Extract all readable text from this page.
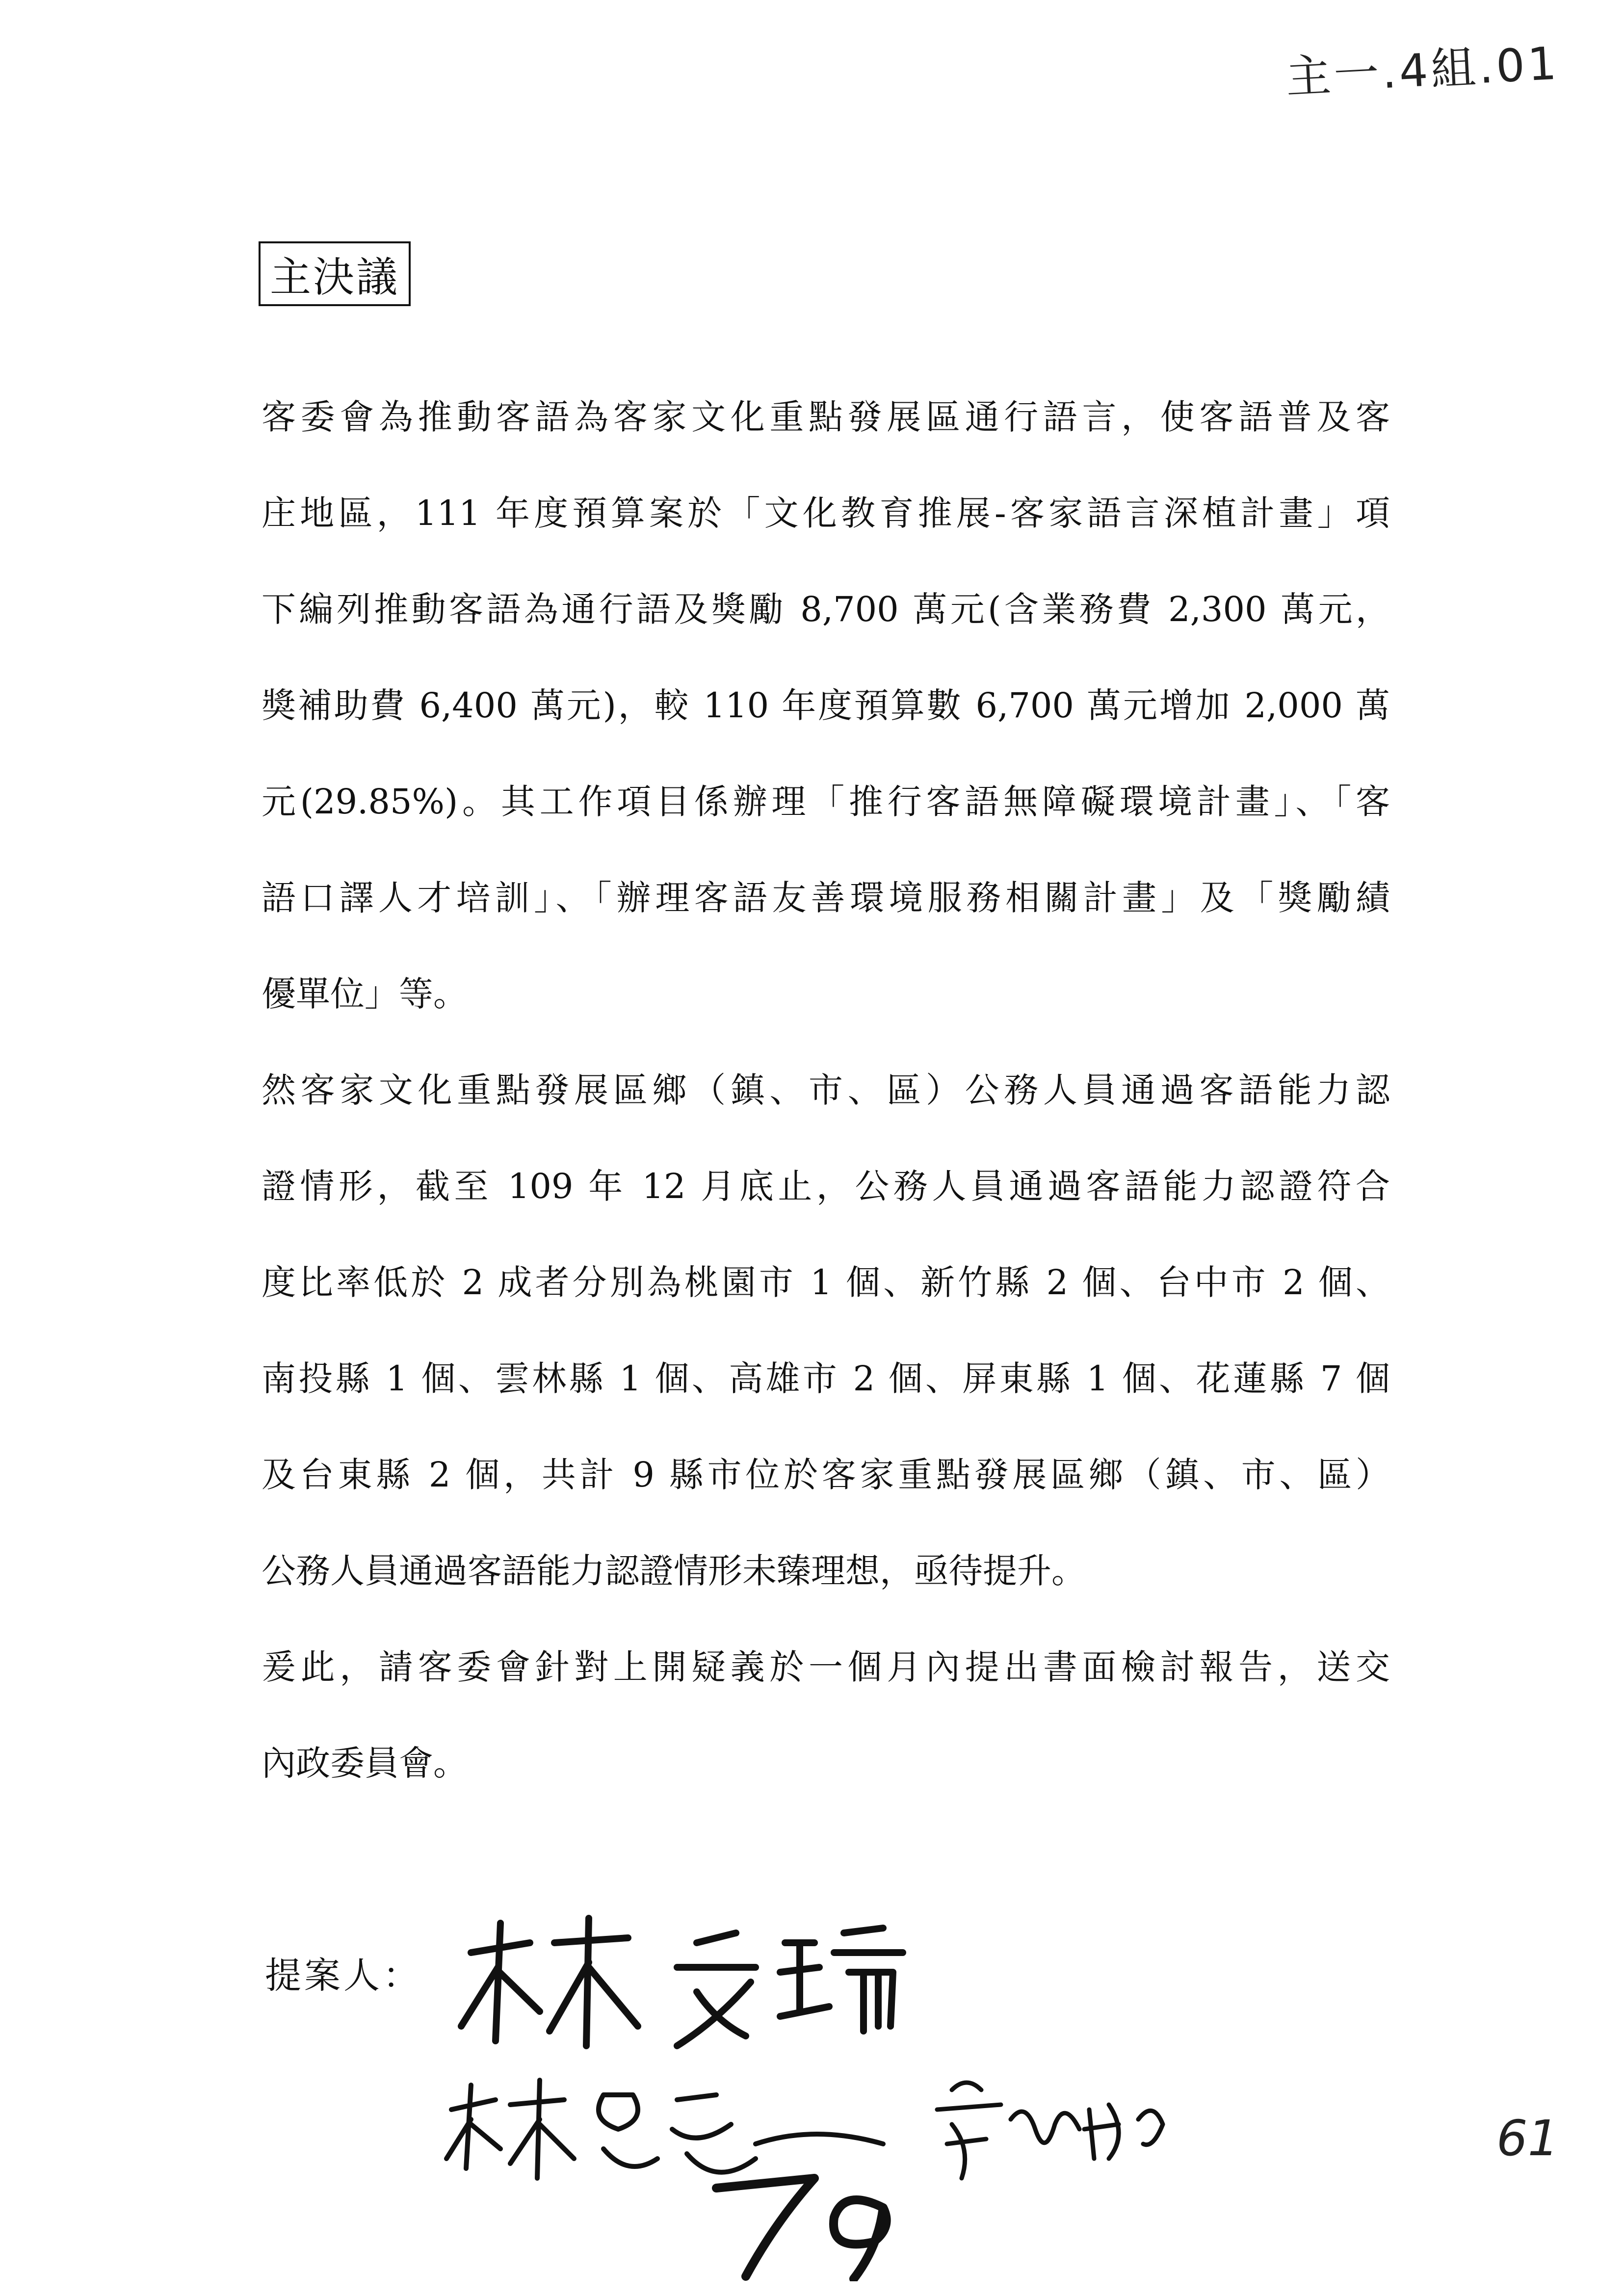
主一.4組.01
主決議
客委會為推動客語為客家文化重點發展區通行語言，使客語普及客
庄地區，111 年度預算案於「文化教育推展-客家語言深植計畫」項
下編列推動客語為通行語及獎勵 8,700 萬元(含業務費 2,300 萬元，
獎補助費 6,400 萬元)，較 110 年度預算數 6,700 萬元增加 2,000 萬
元(29.85%)。其工作項目係辦理「推行客語無障礙環境計畫」、「客
語口譯人才培訓」、「辦理客語友善環境服務相關計畫」及「獎勵績
優單位」等。
然客家文化重點發展區鄉（鎮、市、區）公務人員通過客語能力認
證情形，截至 109 年 12 月底止，公務人員通過客語能力認證符合
度比率低於 2 成者分別為桃園市 1 個、新竹縣 2 個、台中市 2 個、
南投縣 1 個、雲林縣 1 個、高雄市 2 個、屏東縣 1 個、花蓮縣 7 個
及台東縣 2 個，共計 9 縣市位於客家重點發展區鄉（鎮、市、區）
公務人員通過客語能力認證情形未臻理想，亟待提升。
爰此，請客委會針對上開疑義於一個月內提出書面檢討報告，送交
內政委員會。
提案人：
61
